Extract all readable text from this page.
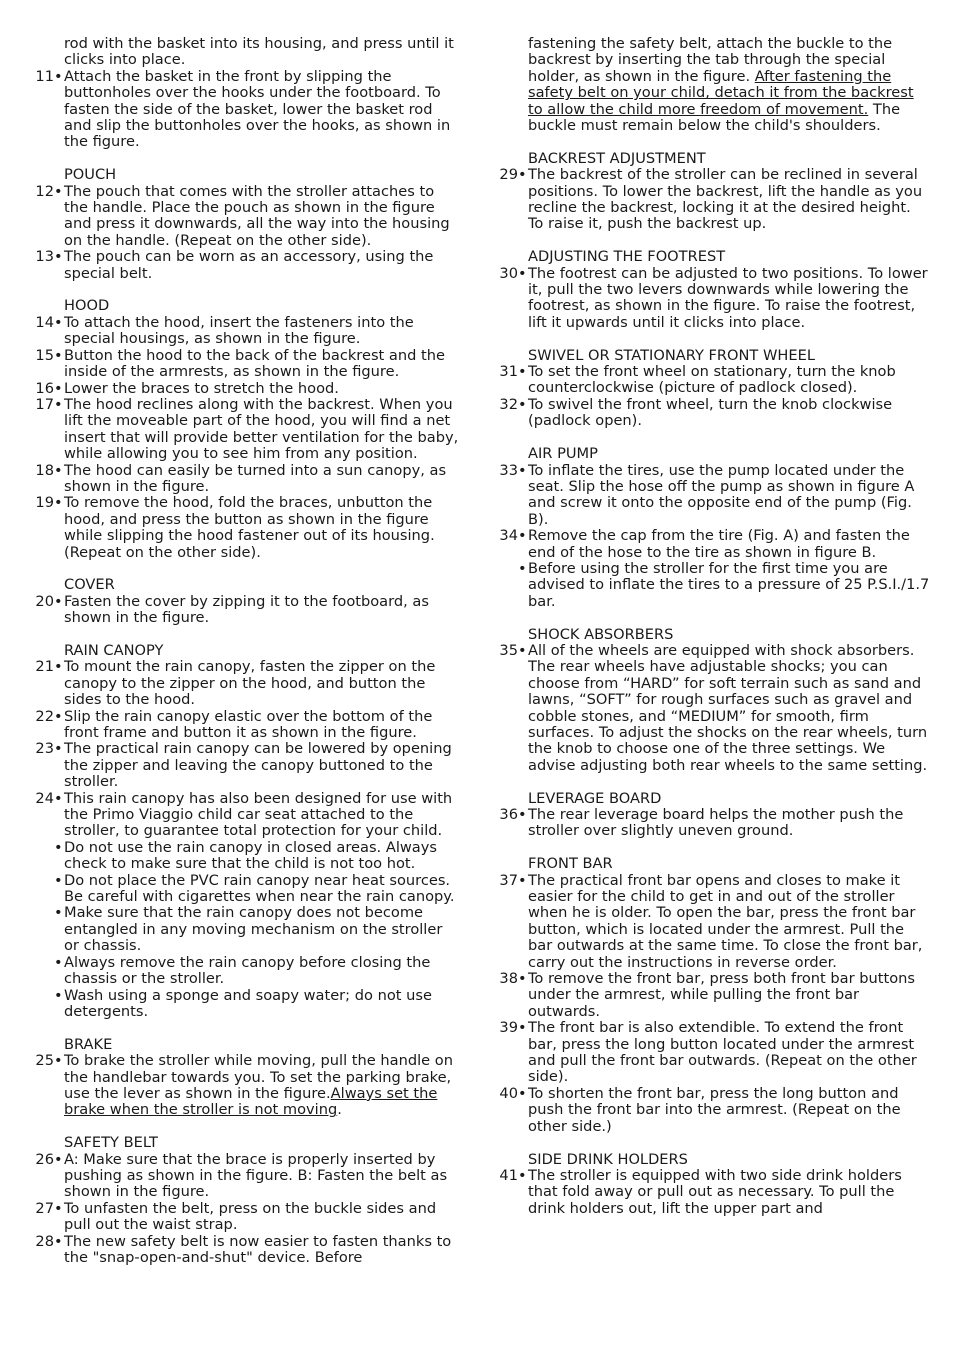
rod with the basket into its housing, and press until it clicks into place.
11 • Attach the basket in the front by slipping the buttonholes over the hooks under the footboard. To fasten the side of the basket, lower the basket rod and slip the buttonholes over the hooks, as shown in the figure.
POUCH
12 • The pouch that comes with the stroller attaches to the handle. Place the pouch as shown in the figure and press it downwards, all the way into the housing on the handle. (Repeat on the other side).
13 • The pouch can be worn as an accessory, using the special belt.
HOOD
14 • To attach the hood, insert the fasteners into the special housings, as shown in the figure.
15 • Button the hood to the back of the backrest and the inside of the armrests, as shown in the figure.
16 • Lower the braces to stretch the hood.
17 • The hood reclines along with the backrest. When you lift the moveable part of the hood, you will find a net insert that will provide better ventilation for the baby, while allowing you to see him from any position.
18 • The hood can easily be turned into a sun canopy, as shown in the figure.
19 • To remove the hood, fold the braces, unbutton the hood, and press the button as shown in the figure while slipping the hood fastener out of its housing. (Repeat on the other side).
COVER
20 • Fasten the cover by zipping it to the footboard, as shown in the figure.
RAIN CANOPY
21 • To mount the rain canopy, fasten the zipper on the canopy to the zipper on the hood, and button the sides to the hood.
22 • Slip the rain canopy elastic over the bottom of the front frame and button it as shown in the figure.
23 • The practical rain canopy can be lowered by opening the zipper and leaving the canopy buttoned to the stroller.
24 • This rain canopy has also been designed for use with the Primo Viaggio child car seat attached to the stroller, to guarantee total protection for your child.
• Do not use the rain canopy in closed areas. Always check to make sure that the child is not too hot.
• Do not place the PVC rain canopy near heat sources. Be careful with cigarettes when near the rain canopy.
• Make sure that the rain canopy does not become entangled in any moving mechanism on the stroller or chassis.
• Always remove the rain canopy before closing the chassis or the stroller.
• Wash using a sponge and soapy water; do not use detergents.
BRAKE
25 • To brake the stroller while moving, pull the handle on the handlebar towards you. To set the parking brake, use the lever as shown in the figure.Always set the brake when the stroller is not moving.
SAFETY BELT
26 • A: Make sure that the brace is properly inserted by pushing as shown in the figure. B: Fasten the belt as shown in the figure.
27 • To unfasten the belt, press on the buckle sides and pull out the waist strap.
28 • The new safety belt is now easier to fasten thanks to the "snap-open-and-shut" device. Before
fastening the safety belt, attach the buckle to the backrest by inserting the tab through the special holder, as shown in the figure. After fastening the safety belt on your child, detach it from the backrest to allow the child more freedom of movement. The buckle must remain below the child's shoulders.
BACKREST ADJUSTMENT
29 • The backrest of the stroller can be reclined in several positions. To lower the backrest, lift the handle as you recline the backrest, locking it at the desired height. To raise it, push the backrest up.
ADJUSTING THE FOOTREST
30 • The footrest can be adjusted to two positions. To lower it, pull the two levers downwards while lowering the footrest, as shown in the figure. To raise the footrest, lift it upwards until it clicks into place.
SWIVEL OR STATIONARY FRONT WHEEL
31 • To set the front wheel on stationary, turn the knob counterclockwise (picture of padlock closed).
32 • To swivel the front wheel, turn the knob clockwise (padlock open).
AIR PUMP
33 • To inflate the tires, use the pump located under the seat. Slip the hose off the pump as shown in figure A and screw it onto the opposite end of the pump (Fig. B).
34 • Remove the cap from the tire (Fig. A) and fasten the end of the hose to the tire as shown in figure B.
• Before using the stroller for the first time you are advised to inflate the tires to a pressure of 25 P.S.I./1.7 bar.
SHOCK ABSORBERS
35 • All of the wheels are equipped with shock absorbers. The rear wheels have adjustable shocks; you can choose from “HARD” for soft terrain such as sand and lawns, “SOFT” for rough surfaces such as gravel and cobble stones, and “MEDIUM” for smooth, firm surfaces. To adjust the shocks on the rear wheels, turn the knob to choose one of the three settings. We advise adjusting both rear wheels to the same setting.
LEVERAGE BOARD
36 • The rear leverage board helps the mother push the stroller over slightly uneven ground.
FRONT BAR
37 • The practical front bar opens and closes to make it easier for the child to get in and out of the stroller when he is older. To open the bar, press the front bar button, which is located under the armrest. Pull the bar outwards at the same time. To close the front bar, carry out the instructions in reverse order.
38 • To remove the front bar, press both front bar buttons under the armrest, while pulling the front bar outwards.
39 • The front bar is also extendible. To extend the front bar, press the long button located under the armrest and pull the front bar outwards. (Repeat on the other side).
40 • To shorten the front bar, press the long button and push the front bar into the armrest. (Repeat on the other side.)
SIDE DRINK HOLDERS
41 • The stroller is equipped with two side drink holders that fold away or pull out as necessary. To pull the drink holders out, lift the upper part and
